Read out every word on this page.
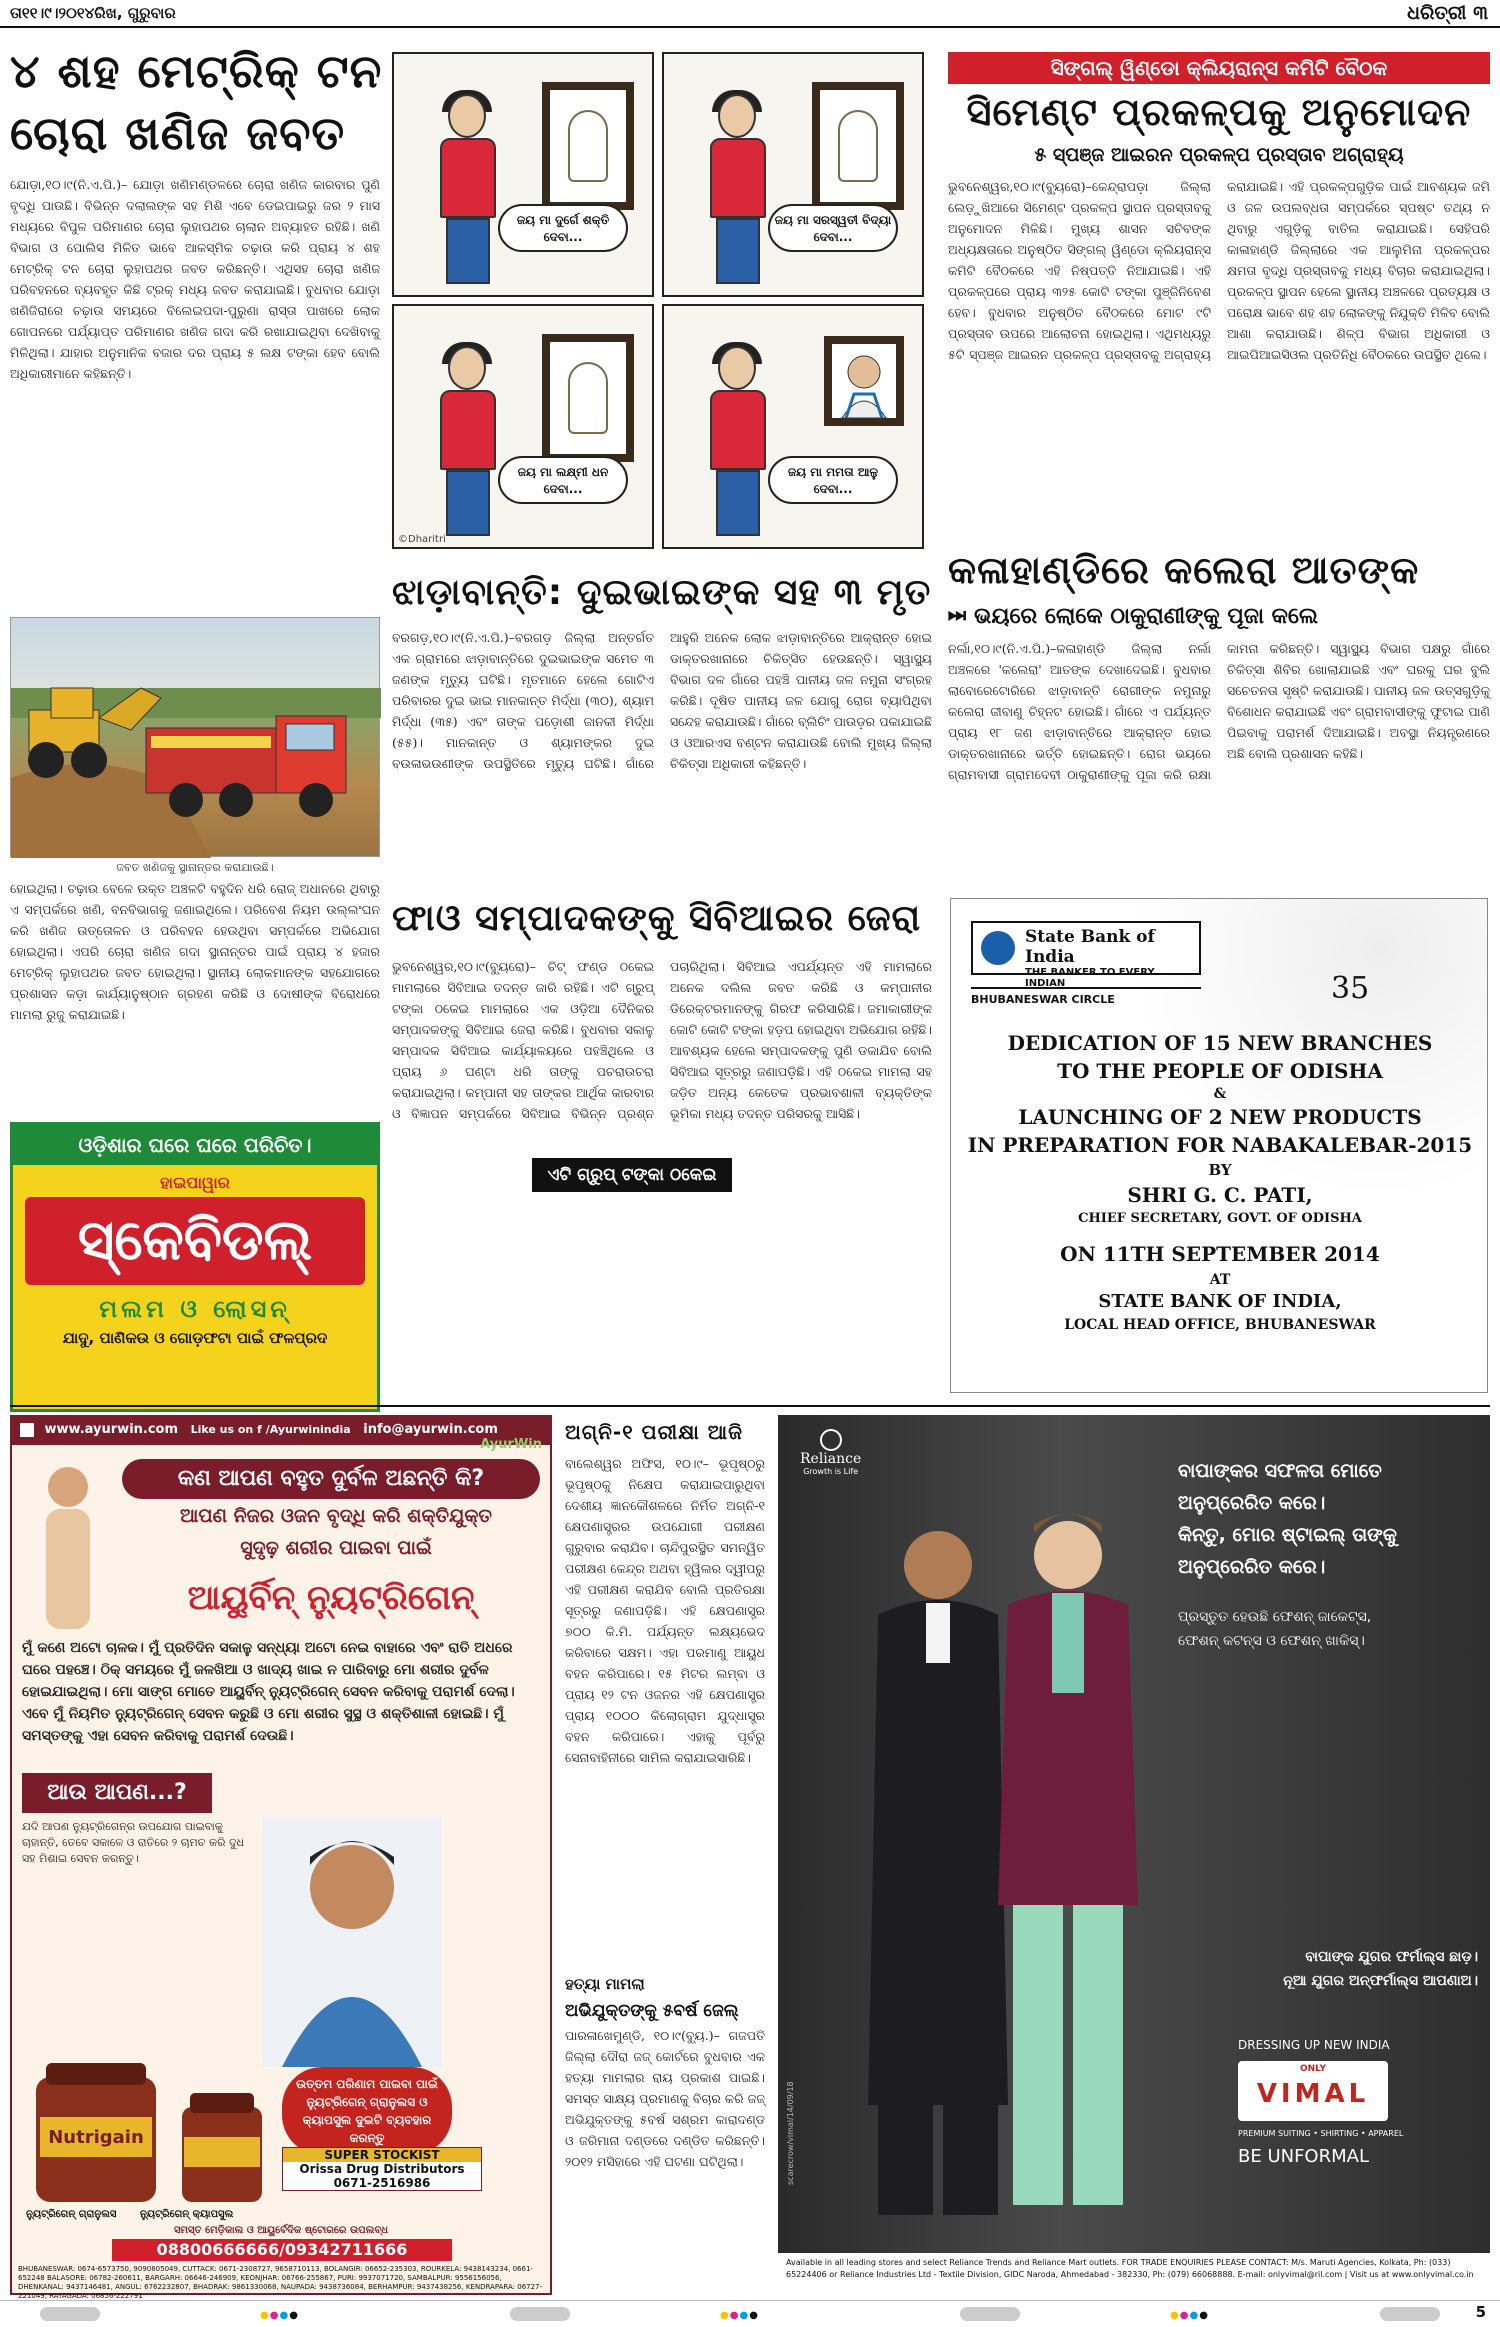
ତା୧୧।୯।୨୦୧୪ରିଖ, ଗୁରୁବାର	ଧରିତ୍ରୀ ୩
୪ ଶହ ମେଟ୍ରିକ୍ ଟନ
ଚୋରା ଖଣିଜ ଜବତ
ଯୋଡ଼ା,୧୦।୯(ନି.ଏ.ପି.)– ଯୋଡ଼ା ଖଣିମଣ୍ଡଳରେ ଚୋରା ଖଣିଜ କାରବାର ପୁଣି ବୃଦ୍ଧି ପାଉଛି। ବିଭିନ୍ନ ଦଲାଲଙ୍କ ସହ ମିଶି ଏବେ ଡେଇପାଇରୁ ଜର ୨ ମାସ ମଧ୍ୟରେ ବିପୁଳ ପରିମାଣର ଚୋରା ଲୁହାପଥର ଚାଲାନ ଅବ୍ୟାହତ ରହିଛି। ଖଣି ବିଭାଗ ଓ ପୋଲିସ ମିଳିତ ଭାବେ ଆକସ୍ମିକ ଚଢ଼ାଉ କରି ପ୍ରାୟ ୪ ଶହ ମେଟ୍ରିକ୍ ଟନ ଚୋରା ଲୁହାପଥର ଜବତ କରିଛନ୍ତି। ଏଥିସହ ଚୋରା ଖଣିଜ ପରିବହନରେ ବ୍ୟବହୃତ କିଛି ଟ୍ରକ୍ ମଧ୍ୟ ଜବତ କରାଯାଇଛି। ବୁଧବାର ଯୋଡ଼ା ଖଣିଜିରାରେ ଚଢ଼ାଉ ସମୟରେ ବିଲେଇପଦା-ପୁରୁଣା ରାସ୍ତା ପାଖରେ ଲୋକ ଗୋପନରେ ପର୍ଯ୍ୟାପ୍ତ ପରିମାଣର ଖଣିଜ ଗଦା କରି ରଖାଯାଇଥିବା ଦେଖିବାକୁ ମିଳିଥିଲା। ଯାହାର ଅନୁମାନିକ ବଜାର ଦର ପ୍ରାୟ ୫ ଲକ୍ଷ ଟଙ୍କା ହେବ ବୋଲି ଅଧିକାରୀମାନେ କହିଛନ୍ତି।
ଜବତ ଖଣିଜକୁ ସ୍ଥାନାନ୍ତର କରାଯାଉଛି।
ଜୟ ମା ଦୁର୍ଗେ ଶକ୍ତି ଦେବା...
ଜୟ ମା ସରସ୍ୱତୀ ବିଦ୍ୟା ଦେବା...
ଜୟ ମା ଲକ୍ଷ୍ମୀ ଧନ ଦେବା...
©Dharitri
ଜୟ ମା ମମତା ଆଳୁ ଦେବା...
ସିଙ୍ଗଲ୍ ୱିଣ୍ଡୋ କ୍ଲିୟରାନ୍ସ କମିଟି ବୈଠକ
ସିମେଣ୍ଟ ପ୍ରକଳ୍ପକୁ ଅନୁମୋଦନ
୫ ସ୍ପଞ୍ଜ ଆଇରନ ପ୍ରକଳ୍ପ ପ୍ରସ୍ତାବ ଅଗ୍ରାହ୍ୟ
ଭୁବନେଶ୍ୱର,୧୦।୯(ବ୍ୟୁରୋ)–କେନ୍ଦ୍ରାପଡ଼ା ଜିଲ୍ଲା ଲେଡ଼ୁଖିଆରେ ସିମେଣ୍ଟ ପ୍ରକଳ୍ପ ସ୍ଥାପନ ପ୍ରସ୍ତାବକୁ ଅନୁମୋଦନ ମିଳିଛି। ମୁଖ୍ୟ ଶାସନ ସଚିବଙ୍କ ଅଧ୍ୟକ୍ଷତାରେ ଅନୁଷ୍ଠିତ ସିଙ୍ଗଲ୍ ୱିଣ୍ଡୋ କ୍ଲିୟରାନ୍ସ କମିଟି ବୈଠକରେ ଏହି ନିଷ୍ପତ୍ତି ନିଆଯାଇଛି। ଏହି ପ୍ରକଳ୍ପରେ ପ୍ରାୟ ୩୨୫ କୋଟି ଟଙ୍କା ପୁଞ୍ଜିନିବେଶ ହେବ। ବୁଧବାର ଅନୁଷ୍ଠିତ ବୈଠକରେ ମୋଟ ୯ଟି ପ୍ରସ୍ତାବ ଉପରେ ଆଲୋଚନା ହୋଇଥିଲା। ଏଥିମଧ୍ୟରୁ ୫ଟି ସ୍ପଞ୍ଜ ଆଇରନ ପ୍ରକଳ୍ପ ପ୍ରସ୍ତାବକୁ ଅଗ୍ରାହ୍ୟ କରାଯାଇଛି। ଏହି ପ୍ରକଳ୍ପଗୁଡ଼ିକ ପାଇଁ ଆବଶ୍ୟକ ଜମି ଓ ଜଳ ଉପଲବ୍ଧତା ସମ୍ପର୍କରେ ସ୍ପଷ୍ଟ ତଥ୍ୟ ନ ଥିବାରୁ ଏଗୁଡ଼ିକୁ ବାତିଲ କରାଯାଇଛି। ସେହିପରି କାଳାହାଣ୍ଡି ଜିଲ୍ଲାରେ ଏକ ଆଲୁମିନା ପ୍ରକଳ୍ପର କ୍ଷମତା ବୃଦ୍ଧି ପ୍ରସ୍ତାବକୁ ମଧ୍ୟ ବିଚାର କରାଯାଇଥିଲା। ପ୍ରକଳ୍ପ ସ୍ଥାପନ ହେଲେ ସ୍ଥାନୀୟ ଅଞ୍ଚଳରେ ପ୍ରତ୍ୟକ୍ଷ ଓ ପରୋକ୍ଷ ଭାବେ ଶହ ଶହ ଲୋକଙ୍କୁ ନିଯୁକ୍ତି ମିଳିବ ବୋଲି ଆଶା କରାଯାଉଛି। ଶିଳ୍ପ ବିଭାଗ ଅଧିକାରୀ ଓ ଆଇପିଆଇସିଓଲ ପ୍ରତିନିଧି ବୈଠକରେ ଉପସ୍ଥିତ ଥିଲେ।
ଝାଡ଼ାବାନ୍ତି: ଦୁଇଭାଇଙ୍କ ସହ ୩ ମୃତ
ବରଗଡ଼,୧୦।୯(ନି.ଏ.ପି.)–ବରଗଡ଼ ଜିଲ୍ଲା ଅନ୍ତର୍ଗତ ଏକ ଗ୍ରାମରେ ଝାଡ଼ାବାନ୍ତିରେ ଦୁଇଭାଇଙ୍କ ସମେତ ୩ ଜଣଙ୍କ ମୃତ୍ୟୁ ଘଟିଛି। ମୃତମାନେ ହେଲେ ଗୋଟିଏ ପରିବାରର ଦୁଇ ଭାଇ ମାନକାନ୍ତ ମିର୍ଦ୍ଧା (୩୦), ଶ୍ୟାମ ମିର୍ଦ୍ଧା (୩୫) ଏବଂ ତାଙ୍କ ପଡ଼ୋଶୀ ଜାନକୀ ମିର୍ଦ୍ଧା (୫୫)। ମାନକାନ୍ତ ଓ ଶ୍ୟାମଙ୍କର ଦୁଇ ବଉଳାଭଉଣୀଙ୍କ ଉପସ୍ଥିତିରେ ମୃତ୍ୟୁ ଘଟିଛି। ଗାଁରେ ଆହୁରି ଅନେକ ଲୋକ ଝାଡ଼ାବାନ୍ତିରେ ଆକ୍ରାନ୍ତ ହୋଇ ଡାକ୍ତରଖାନାରେ ଚିକିତ୍ସିତ ହେଉଛନ୍ତି। ସ୍ୱାସ୍ଥ୍ୟ ବିଭାଗ ଦଳ ଗାଁରେ ପହଞ୍ଚି ପାନୀୟ ଜଳ ନମୁନା ସଂଗ୍ରହ କରିଛି। ଦୂଷିତ ପାନୀୟ ଜଳ ଯୋଗୁ ରୋଗ ବ୍ୟାପିଥିବା ସନ୍ଦେହ କରାଯାଉଛି। ଗାଁରେ ବ୍ଲିଚିଂ ପାଉଡ଼ର ପକାଯାଇଛି ଓ ଓଆରଏସ ବଣ୍ଟନ କରାଯାଉଛି ବୋଲି ମୁଖ୍ୟ ଜିଲ୍ଲା ଚିକିତ୍ସା ଅଧିକାରୀ କହିଛନ୍ତି।
କଳାହାଣ୍ଡିରେ କଲେରା ଆତଙ୍କ
⏭ ଭୟରେ ଲୋକେ ଠାକୁରାଣୀଙ୍କୁ ପୂଜା କଲେ
ନର୍ଲା,୧୦।୯(ନି.ଏ.ପି.)–କଳାହାଣ୍ଡି ଜିଲ୍ଲା ନର୍ଲା ଅଞ୍ଚଳରେ 'କଲେରା' ଆତଙ୍କ ଦେଖାଦେଇଛି। ବୁଧବାର ଲାବୋରେଟୋରିରେ ଝାଡ଼ାବାନ୍ତି ରୋଗୀଙ୍କ ନମୁନାରୁ କଲେରା ଜୀବାଣୁ ଚିହ୍ନଟ ହୋଇଛି। ଗାଁରେ ଏ ପର୍ଯ୍ୟନ୍ତ ପ୍ରାୟ ୧୮ ଜଣ ଝାଡ଼ାବାନ୍ତିରେ ଆକ୍ରାନ୍ତ ହୋଇ ଡାକ୍ତରଖାନାରେ ଭର୍ତ୍ତି ହୋଇଛନ୍ତି। ରୋଗ ଭୟରେ ଗ୍ରାମବାସୀ ଗ୍ରାମଦେବୀ ଠାକୁରାଣୀଙ୍କୁ ପୂଜା କରି ରକ୍ଷା କାମନା କରିଛନ୍ତି। ସ୍ୱାସ୍ଥ୍ୟ ବିଭାଗ ପକ୍ଷରୁ ଗାଁରେ ଚିକିତ୍ସା ଶିବିର ଖୋଲାଯାଇଛି ଏବଂ ଘରକୁ ଘର ବୁଲି ସଚେତନତା ସୃଷ୍ଟି କରାଯାଉଛି। ପାନୀୟ ଜଳ ଉତ୍ସଗୁଡ଼ିକୁ ବିଶୋଧନ କରାଯାଇଛି ଏବଂ ଗ୍ରାମବାସୀଙ୍କୁ ଫୁଟାଇ ପାଣି ପିଇବାକୁ ପରାମର୍ଶ ଦିଆଯାଇଛି। ଅବସ୍ଥା ନିୟନ୍ତ୍ରଣରେ ଅଛି ବୋଲି ପ୍ରଶାସନ କହିଛି।
ହୋଇଥିଲା। ଚଢ଼ାଉ ବେଳେ ଉକ୍ତ ଅଞ୍ଚଳଟି ବହୁଦିନ ଧରି ରୋଜ୍ ଅଧାନରେ ଥିବାରୁ ଏ ସମ୍ପର୍କରେ ଖଣି, ବନବିଭାଗକୁ ଜଣାଇଥିଲେ। ପରିବେଶ ନିୟମ ଉଲ୍ଲଂଘନ କରି ଖଣିଜ ଉତ୍ତୋଳନ ଓ ପରିବହନ ହେଉଥିବା ସମ୍ପର୍କରେ ଅଭିଯୋଗ ହୋଇଥିଲା। ଏପରି ଚୋରା ଖଣିଜ ଗଦା ସ୍ଥାନାନ୍ତର ପାଇଁ ପ୍ରାୟ ୪ ହଜାର ମେଟ୍ରିକ୍ ଲୁହାପଥର ଜବତ ହୋଇଥିଲା। ସ୍ଥାନୀୟ ଲୋକମାନଙ୍କ ସହଯୋଗରେ ପ୍ରଶାସନ କଡ଼ା କାର୍ଯ୍ୟାନୁଷ୍ଠାନ ଗ୍ରହଣ କରିଛି ଓ ଦୋଷୀଙ୍କ ବିରୋଧରେ ମାମଲା ରୁଜୁ କରାଯାଇଛି।
ଓଡ଼ିଶାର ଘରେ ଘରେ ପରିଚିତ।
ହାଇପାୱାର
ସ୍କେବିଡଲ୍
ମଲମ ଓ ଲୋସନ୍
ଯାଦୁ, ପାଣିକଉ ଓ ଗୋଡ଼ଫଟା ପାଇଁ ଫଳପ୍ରଦ
ଫାଓ ସମ୍ପାଦକଙ୍କୁ ସିବିଆଇର ଜେରା
ଭୁବନେଶ୍ୱର,୧୦।୯(ବ୍ୟୁରୋ)– ଚିଟ୍ ଫଣ୍ଡ ଠକେଇ ମାମଲାରେ ସିବିଆଇ ତଦନ୍ତ ଜାରି ରହିଛି। ଏଟି ଗ୍ରୁପ୍ ଟଙ୍କା ଠକେଇ ମାମଲାରେ ଏକ ଓଡ଼ିଆ ଦୈନିକର ସମ୍ପାଦକଙ୍କୁ ସିବିଆଇ ଜେରା କରିଛି। ବୁଧବାର ସକାଳୁ ସମ୍ପାଦକ ସିବିଆଇ କାର୍ଯ୍ୟାଳୟରେ ପହଞ୍ଚିଥିଲେ ଓ ପ୍ରାୟ ୬ ଘଣ୍ଟା ଧରି ତାଙ୍କୁ ପଚରାଉଚରା କରାଯାଇଥିଲା। କମ୍ପାନୀ ସହ ତାଙ୍କର ଆର୍ଥିକ କାରବାର ଓ ବିଜ୍ଞାପନ ସମ୍ପର୍କରେ ସିବିଆଇ ବିଭିନ୍ନ ପ୍ରଶ୍ନ ପଚାରିଥିଲା। ସିବିଆଇ ଏପର୍ଯ୍ୟନ୍ତ ଏହି ମାମଲାରେ ଅନେକ ଦଲିଲ ଜବତ କରିଛି ଓ କମ୍ପାନୀର ଡିରେକ୍ଟରମାନଙ୍କୁ ଗିରଫ କରିସାରିଛି। ଜମାକାରୀଙ୍କ କୋଟି କୋଟି ଟଙ୍କା ହଡ଼ପ ହୋଇଥିବା ଅଭିଯୋଗ ରହିଛି। ଆବଶ୍ୟକ ହେଲେ ସମ୍ପାଦକଙ୍କୁ ପୁଣି ଡକାଯିବ ବୋଲି ସିବିଆଇ ସୂତ୍ରରୁ ଜଣାପଡ଼ିଛି। ଏହି ଠକେଇ ମାମଲା ସହ ଜଡ଼ିତ ଅନ୍ୟ କେତେକ ପ୍ରଭାବଶାଳୀ ବ୍ୟକ୍ତିଙ୍କ ଭୂମିକା ମଧ୍ୟ ତଦନ୍ତ ପରିସରକୁ ଆସିଛି।
ଏଟି ଗ୍ରୁପ୍ ଟଙ୍କା ଠକେଇ
State Bank of India
THE BANKER TO EVERY INDIAN
BHUBANESWAR CIRCLE	35
DEDICATION OF 15 NEW BRANCHES
TO THE PEOPLE OF ODISHA
&
LAUNCHING OF 2 NEW PRODUCTS
IN PREPARATION FOR NABAKALEBAR-2015
BY
SHRI G. C. PATI,
CHIEF SECRETARY, GOVT. OF ODISHA
ON 11TH SEPTEMBER 2014
AT
STATE BANK OF INDIA,
LOCAL HEAD OFFICE, BHUBANESWAR
www.ayurwin.com Like us on f /Ayurwinindia info@ayurwin.com
AyurWin
କଣ ଆପଣ ବହୁତ ଦୁର୍ବଳ ଅଛନ୍ତି କି?
ଆପଣ ନିଜର ଓଜନ ବୃଦ୍ଧି କରି ଶକ୍ତିଯୁକ୍ତ
ସୁଦୃଢ଼ ଶରୀର ପାଇବା ପାଇଁ
ଆୟୁର୍ବିନ୍ ନ୍ୟୁଟ୍ରିଗେନ୍
ମୁଁ କଣେ ଅଟୋ ଚାଳକ। ମୁଁ ପ୍ରତିଦିନ ସକାଳୁ ସନ୍ଧ୍ୟା ଅଟୋ ନେଇ ବାହାରେ ଏବଂ ରାତି ଅଧରେ ଘରେ ପହଞ୍ଚେ। ଠିକ୍ ସମୟରେ ମୁଁ ଜଳଖିଆ ଓ ଖାଦ୍ୟ ଖାଇ ନ ପାରିବାରୁ ମୋ ଶରୀର ଦୁର୍ବଳ ହୋଇଯାଇଥିଲା। ମୋ ସାଙ୍ଗ ମୋତେ ଆୟୁର୍ବିନ୍ ନ୍ୟୁଟ୍ରିଗେନ୍ ସେବନ କରିବାକୁ ପରାମର୍ଶ ଦେଲା। ଏବେ ମୁଁ ନିୟମିତ ନ୍ୟୁଟ୍ରିଗେନ୍ ସେବନ କରୁଛି ଓ ମୋ ଶରୀର ସୁସ୍ଥ ଓ ଶକ୍ତିଶାଳୀ ହୋଇଛି। ମୁଁ ସମସ୍ତଙ୍କୁ ଏହା ସେବନ କରିବାକୁ ପରାମର୍ଶ ଦେଉଛି।
ଆଉ ଆପଣ...?
ଯଦି ଆପଣ ନ୍ୟୁଟ୍ରିଗେନ୍‌ର ଉପଯୋଗ ପାଇବାକୁ ଚାହାନ୍ତି, ତେବେ ସକାଳେ ଓ ରାତିରେ ୨ ଚାମଚ କରି ଦୁଧ ସହ ମିଶାଇ ସେବନ କରନ୍ତୁ।
Nutrigain
ଉତ୍ତମ ପରିଣାମ ପାଇବା ପାଇଁ ନ୍ୟୁଟ୍ରିଗେନ୍ ଗ୍ରାନୁଲସ ଓ କ୍ୟାପସୁଲ ଦୁଇଟି ବ୍ୟବହାର କରନ୍ତୁ
SUPER STOCKIST
Orissa Drug Distributors
0671-2516986
ନ୍ୟୁଟ୍ରିଗେନ୍ ଗ୍ରାନୁଲସ ନ୍ୟୁଟ୍ରିଗେନ୍ କ୍ୟାପସୁଲ
ସମସ୍ତ ମେଡ଼ିକାଲ ଓ ଆୟୁର୍ବେଦିକ ଷ୍ଟୋରରେ ଉପଲବ୍ଧ
08800666666/09342711666
BHUBANESWAR: 0674-6573750, 9090805049, CUTTACK: 0671-2308727, 9658710113, BOLANGIR: 06652-235303, ROURKELA: 9438143234, 0661-652248 BALASORE: 06782-260611, BARGARH: 06646-246909, KEONJHAR: 06766-255867, PURI: 9937071720, SAMBALPUR: 9556156056, DHENKANAL: 9437146481, ANGUL: 6762232807, BHADRAK: 9861330068, NAUPADA: 9438736084, BERHAMPUR: 9437438256, KENDRAPARA: 06727-221049, RAYAGADA: 06856-222791
ଅଗ୍ନି-୧ ପରୀକ୍ଷା ଆଜି
ବାଲେଶ୍ୱର ଅଫିସ, ୧୦।୯– ଭୂପୃଷ୍ଠରୁ ଭୂପୃଷ୍ଠକୁ ନିକ୍ଷେପ କରାଯାଇପାରୁଥିବା ଦେଶୀୟ ଜ୍ଞାନକୌଶଳରେ ନିର୍ମିତ ଅଗ୍ନି-୧ କ୍ଷେପଣାସ୍ତ୍ରର ଉପଯୋଗୀ ପରୀକ୍ଷଣ ଗୁରୁବାର କରାଯିବ। ଚାନ୍ଦିପୁରସ୍ଥିତ ସମନ୍ୱିତ ପରୀକ୍ଷଣ କେନ୍ଦ୍ର ଅଥବା ହ୍ୱିଲର ଦ୍ୱୀପରୁ ଏହି ପରୀକ୍ଷଣ କରାଯିବ ବୋଲି ପ୍ରତିରକ୍ଷା ସୂତ୍ରରୁ ଜଣାପଡ଼ିଛି। ଏହି କ୍ଷେପଣାସ୍ତ୍ର ୭୦୦ କି.ମି. ପର୍ଯ୍ୟନ୍ତ ଲକ୍ଷ୍ୟଭେଦ କରିବାରେ ସକ୍ଷମ। ଏହା ପରମାଣୁ ଆୟୁଧ ବହନ କରିପାରେ। ୧୫ ମିଟର ଲମ୍ବା ଓ ପ୍ରାୟ ୧୨ ଟନ ଓଜନର ଏହି କ୍ଷେପଣାସ୍ତ୍ର ପ୍ରାୟ ୧୦୦୦ କିଲୋଗ୍ରାମ ଯୁଦ୍ଧାସ୍ତ୍ର ବହନ କରିପାରେ। ଏହାକୁ ପୂର୍ବରୁ ସେନାବାହିନୀରେ ସାମିଲ କରାଯାଇସାରିଛି।
ହତ୍ୟା ମାମଲା
ଅଭିଯୁକ୍ତଙ୍କୁ ୫ବର୍ଷ ଜେଲ୍
ପାରଳାଖେମୁଣ୍ଡି, ୧୦।୯(ବ୍ୟୁ.)– ଗଜପତି ଜିଲ୍ଲା ଦୌରା ଜଜ୍ କୋର୍ଟରେ ବୁଧବାର ଏକ ହତ୍ୟା ମାମଲାର ରାୟ ପ୍ରକାଶ ପାଇଛି। ସମସ୍ତ ସାକ୍ଷ୍ୟ ପ୍ରମାଣକୁ ବିଚାର କରି ଜଜ୍ ଅଭିଯୁକ୍ତଙ୍କୁ ୫ବର୍ଷ ସଶ୍ରମ କାରାଦଣ୍ଡ ଓ ଜରିମାନା ଦଣ୍ଡରେ ଦଣ୍ଡିତ କରିଛନ୍ତି। ୨୦୧୨ ମସିହାରେ ଏହି ଘଟଣା ଘଟିଥିଲା।
Reliance
Growth is Life	ବାପାଙ୍କର ସଫଳତା ମୋତେ
ଅନୁପ୍ରେରିତ କରେ।
କିନ୍ତୁ, ମୋର ଷ୍ଟାଇଲ୍ ତାଙ୍କୁ
ଅନୁପ୍ରେରିତ କରେ।
ପ୍ରସ୍ତୁତ ହେଉଛି ଫେଶନ୍ ଜାକେଟ୍ସ,
ଫେଶନ୍ କଟନ୍ସ ଓ ଫେଶନ୍ ଖାକିସ୍।
ବାପାଙ୍କ ଯୁଗର ଫର୍ମାଲ୍ସ ଛାଡ଼।
ନୂଆ ଯୁଗର ଅନ୍‌ଫର୍ମାଲ୍ସ ଆପଣାଅ।
DRESSING UP NEW INDIA
ONLY
VIMAL
PREMIUM SUITING • SHIRTING • APPAREL
BE UNFORMAL
scarecrow/vimal/14/09/18
Available in all leading stores and select Reliance Trends and Reliance Mart outlets. FOR TRADE ENQUIRIES PLEASE CONTACT: M/s. Maruti Agencies, Kolkata, Ph: (033) 65224406 or Reliance Industries Ltd - Textile Division, GIDC Naroda, Ahmedabad - 382330, Ph: (079) 66068888. E-mail: onlyvimal@ril.com | Visit us at www.onlyvimal.co.in
●●●●	●●●●	●●●●	5
